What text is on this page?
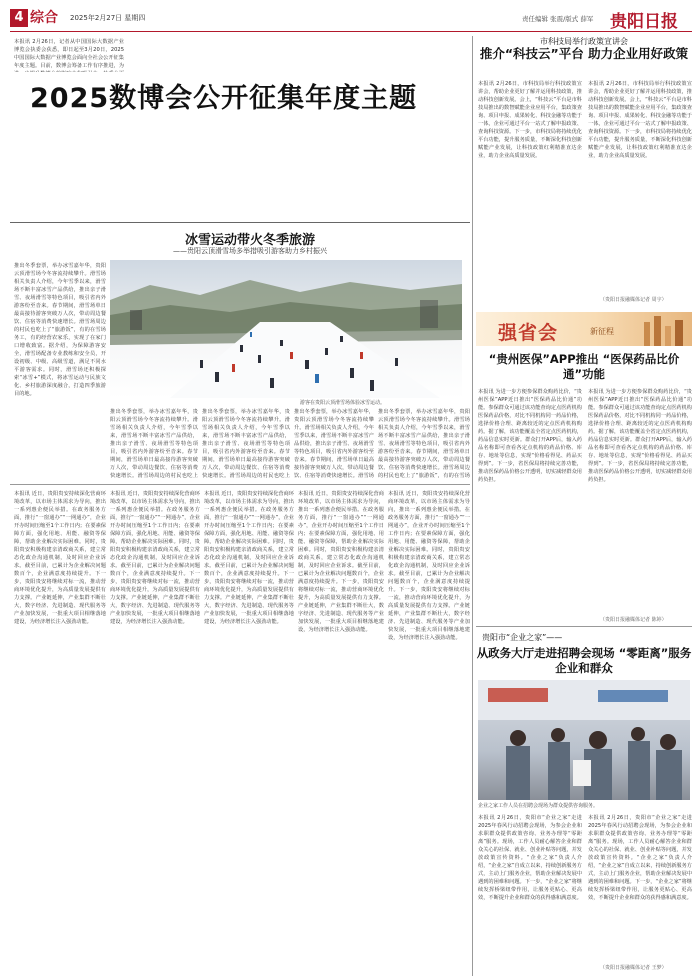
4 综合 2025年2月27日 星期四	责任编辑 张震/版式 薛军 贵阳日报
本报讯 2月26日，记者从中国国际大数据产业博览会执委会获悉，即日起至3月20日，2025中国国际大数据产业博览会面向全社会公开征集年度主题。目前，数博会筹备工作有序推进，为
2025数博会公开征集年度主题
市科技局举行政策宣讲会
推介“科技云”平台 助力企业用好政策
本报讯 2月26日，市科技局举行科技政策宣讲会，帮助企业更好了解并运用科技政策，推动科技创新发展。会上，“科技云”平台是市科技局推出的数智赋能企业应用平台，集政策查询、项目申报、成果转化、科技金融等功能于一体，企业可通过平台一站式了解申报政策、查询科技资源。下一步，市科技局将持续优化平台功能，提升服务质量，不断深化科技创新赋能产业发展，让科技政策红利精准直达企业，助力企业高质量发展。
本报讯 2月26日，市科技局举行科技政策宣讲会，帮助企业更好了解并运用科技政策，推动科技创新发展。会上，“科技云”平台是市科技局推出的数智赋能企业应用平台，集政策查询、项目申报、成果转化、科技金融等功能于一体，企业可通过平台一站式了解申报政策、查询科技资源。下一步，市科技局将持续优化平台功能，提升服务质量，不断深化科技创新赋能产业发展，让科技政策红利精准直达企业，助力企业高质量发展。
（贵阳日报融媒体记者 周宇）
强省会	新征程
“贵州医保”APP推出 “医保药品比价通”功能
本报讯 为进一步方便参保群众购药比价，“贵州医保”APP近日推出“医保药品比价通”功能。参保群众可通过该功能查询定点医药机构医保药品价格，对比不同机构同一药品价格，选择价格合理、距离较近的定点医药机构购药。据了解，该功能覆盖全省定点医药机构，药品信息实时更新。群众打开APP后，输入药品名称即可查看各定点机构的药品价格、库存、地址等信息，实现“价格看得见、药品买得到”。下一步，省医保局将持续完善功能，推动医保药品价格公开透明，切实减轻群众用药负担。
本报讯 为进一步方便参保群众购药比价，“贵州医保”APP近日推出“医保药品比价通”功能。参保群众可通过该功能查询定点医药机构医保药品价格，对比不同机构同一药品价格，选择价格合理、距离较近的定点医药机构购药。据了解，该功能覆盖全省定点医药机构，药品信息实时更新。群众打开APP后，输入药品名称即可查看各定点机构的药品价格、库存、地址等信息，实现“价格看得见、药品买得到”。下一步，省医保局将持续完善功能，推动医保药品价格公开透明，切实减轻群众用药负担。
（贵阳日报融媒体记者 陈婷）
冰雪运动带火冬季旅游
——贵阳云顶滑雪场多举措吸引游客助力乡村振兴
推出冬季套票，举办冰雪嘉年华，贵阳云顶滑雪场今冬客流持续攀升。滑雪场相关负责人介绍，今年雪季以来，滑雪场不断丰富冰雪产品供给，推出亲子滑雪、夜场滑雪等特色项目，吸引省内外游客纷至沓来。春节期间，滑雪场单日最高接待游客突破万人次，带动周边餐饮、住宿等消费快速增长。滑雪场周边的村民也吃上了“旅游饭”，有的在雪场务工，有的经营农家乐，实现了在家门口增收致富。据介绍，为保障游客安全，滑雪场配备专业教练和安全员，开设初级、中级、高级雪道，满足不同水平游客需求。同时，滑雪场还积极探索“冰雪+”模式，将冰雪运动与民族文化、乡村旅游深度融合，打造四季旅游目的地。
游客在贵阳云顶滑雪场体验冰雪运动。
推出冬季套票，举办冰雪嘉年华，贵阳云顶滑雪场今冬客流持续攀升。滑雪场相关负责人介绍，今年雪季以来，滑雪场不断丰富冰雪产品供给，推出亲子滑雪、夜场滑雪等特色项目，吸引省内外游客纷至沓来。春节期间，滑雪场单日最高接待游客突破万人次，带动周边餐饮、住宿等消费快速增长。滑雪场周边的村民也吃上
推出冬季套票，举办冰雪嘉年华，贵阳云顶滑雪场今冬客流持续攀升。滑雪场相关负责人介绍，今年雪季以来，滑雪场不断丰富冰雪产品供给，推出亲子滑雪、夜场滑雪等特色项目，吸引省内外游客纷至沓来。春节期间，滑雪场单日最高接待游客突破万人次，带动周边餐饮、住宿等消费快速增长。滑雪场周边的村民也吃上
推出冬季套票，举办冰雪嘉年华，贵阳云顶滑雪场今冬客流持续攀升。滑雪场相关负责人介绍，今年雪季以来，滑雪场不断丰富冰雪产品供给，推出亲子滑雪、夜场滑雪等特色项目，吸引省内外游客纷至沓来。春节期间，滑雪场单日最高接待游客突破万人次，带动周边餐饮、住宿等消费快速增长。滑雪场
推出冬季套票，举办冰雪嘉年华，贵阳云顶滑雪场今冬客流持续攀升。滑雪场相关负责人介绍，今年雪季以来，滑雪场不断丰富冰雪产品供给，推出亲子滑雪、夜场滑雪等特色项目，吸引省内外游客纷至沓来。春节期间，滑雪场单日最高接待游客突破万人次，带动周边餐饮、住宿等消费快速增长。滑雪场周边的村民也吃上了“旅游饭”，有的在雪场
本报讯 近日，贵阳贵安持续深化营商环境改革，以市场主体需求为导向，推出一系列惠企便民举措。在政务服务方面，推行“一窗通办”“一网通办”，企业开办时间压缩至1个工作日内；在要素保障方面，强化用地、用能、融资等保障，帮助企业解决实际困难。同时，贵阳贵安积极构建亲清政商关系，建立常态化政企沟通机制，及时回应企业诉求。截至目前，已累计为企业解决问题数百个，企业满意度持续提升。下一步，贵阳贵安将继续对标一流，推动营商环境优化提升，为高质量发展提供有力支撑。产业链延伸，产业集群不断壮大，数字经济、先进制造、现代服务等产业加快发展，一批重大项目相继落地建设，为经济增长注入强劲动能。
本报讯 近日，贵阳贵安持续深化营商环境改革，以市场主体需求为导向，推出一系列惠企便民举措。在政务服务方面，推行“一窗通办”“一网通办”，企业开办时间压缩至1个工作日内；在要素保障方面，强化用地、用能、融资等保障，帮助企业解决实际困难。同时，贵阳贵安积极构建亲清政商关系，建立常态化政企沟通机制，及时回应企业诉求。截至目前，已累计为企业解决问题数百个，企业满意度持续提升。下一步，贵阳贵安将继续对标一流，推动营商环境优化提升，为高质量发展提供有力支撑。产业链延伸，产业集群不断壮大，数字经济、先进制造、现代服务等产业加快发展，一批重大项目相继落地建设，为经济增长注入强劲动能。
本报讯 近日，贵阳贵安持续深化营商环境改革，以市场主体需求为导向，推出一系列惠企便民举措。在政务服务方面，推行“一窗通办”“一网通办”，企业开办时间压缩至1个工作日内；在要素保障方面，强化用地、用能、融资等保障，帮助企业解决实际困难。同时，贵阳贵安积极构建亲清政商关系，建立常态化政企沟通机制，及时回应企业诉求。截至目前，已累计为企业解决问题数百个，企业满意度持续提升。下一步，贵阳贵安将继续对标一流，推动营商环境优化提升，为高质量发展提供有力支撑。产业链延伸，产业集群不断壮大，数字经济、先进制造、现代服务等产业加快发展，一批重大项目相继落地建设，为经济增长注入强劲动能。
本报讯 近日，贵阳贵安持续深化营商环境改革，以市场主体需求为导向，推出一系列惠企便民举措。在政务服务方面，推行“一窗通办”“一网通办”，企业开办时间压缩至1个工作日内；在要素保障方面，强化用地、用能、融资等保障，帮助企业解决实际困难。同时，贵阳贵安积极构建亲清政商关系，建立常态化政企沟通机制，及时回应企业诉求。截至目前，已累计为企业解决问题数百个，企业满意度持续提升。下一步，贵阳贵安将继续对标一流，推动营商环境优化提升，为高质量发展提供有力支撑。产业链延伸，产业集群不断壮大，数字经济、先进制造、现代服务等产业加快发展，一批重大项目相继落地建设，为经济增长注入强劲动能。
本报讯 近日，贵阳贵安持续深化营商环境改革，以市场主体需求为导向，推出一系列惠企便民举措。在政务服务方面，推行“一窗通办”“一网通办”，企业开办时间压缩至1个工作日内；在要素保障方面，强化用地、用能、融资等保障，帮助企业解决实际困难。同时，贵阳贵安积极构建亲清政商关系，建立常态化政企沟通机制，及时回应企业诉求。截至目前，已累计为企业解决问题数百个，企业满意度持续提升。下一步，贵阳贵安将继续对标一流，推动营商环境优化提升，为高质量发展提供有力支撑。产业链延伸，产业集群不断壮大，数字经济、先进制造、现代服务等产业加快发展，一批重大项目相继落地建设，为经济增长注入强劲动能。	贵阳市“企业之家”——
从政务大厅走进招聘会现场 “零距离”服务企业和群众
企业之家工作人员在招聘会现场为群众提供咨询服务。
本报讯 2月26日，贵阳市“企业之家”走进2025年春风行动招聘会现场，为参会企业和求职群众提供政策咨询、业务办理等“零距离”服务。现场，工作人员耐心解答企业和群众关心的社保、就业、创业补贴等问题，并发放政策宣传资料。“企业之家”负责人介绍，“企业之家”自成立以来，持续创新服务方式，主动上门服务企业，帮助企业解决发展中遇到的困难和问题。下一步，“企业之家”将继续发挥桥梁纽带作用，让服务更贴心、更高效，不断提升企业和群众的获得感和满意度。
本报讯 2月26日，贵阳市“企业之家”走进2025年春风行动招聘会现场，为参会企业和求职群众提供政策咨询、业务办理等“零距离”服务。现场，工作人员耐心解答企业和群众关心的社保、就业、创业补贴等问题，并发放政策宣传资料。“企业之家”负责人介绍，“企业之家”自成立以来，持续创新服务方式，主动上门服务企业，帮助企业解决发展中遇到的困难和问题。下一步，“企业之家”将继续发挥桥梁纽带作用，让服务更贴心、更高效，不断提升企业和群众的获得感和满意度。
（贵阳日报融媒体记者 王梦）
